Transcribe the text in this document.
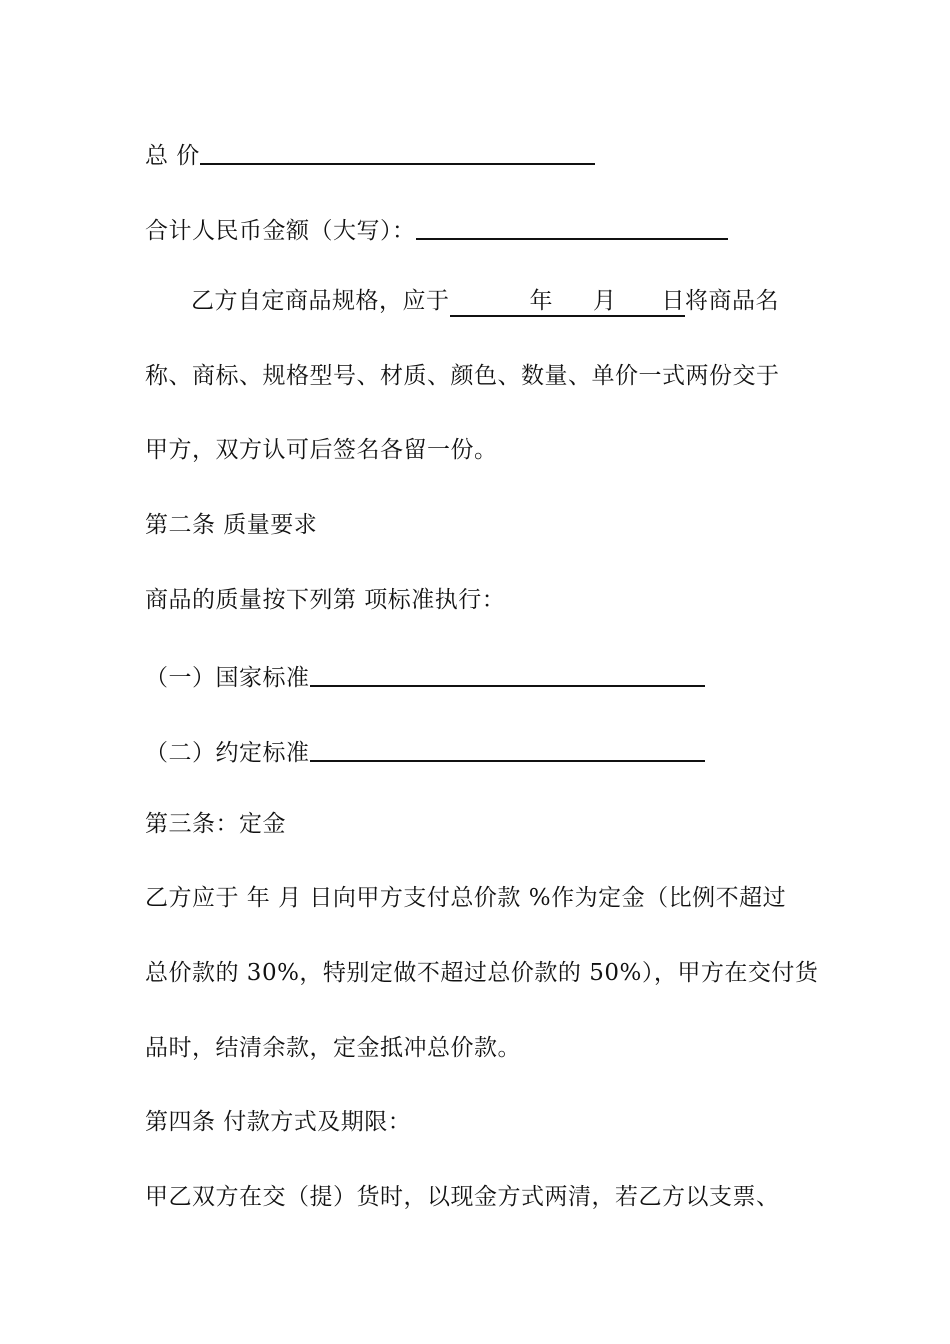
总 价
合计人民币金额（大写）：
乙方自定商品规格，应于	年 月 日将商品名
称、商标、规格型号、材质、颜色、数量、单价一式两份交于
甲方，双方认可后签名各留一份。
第二条 质量要求
商品的质量按下列第 项标准执行：
（一）国家标准
（二）约定标准
第三条：定金
乙方应于 年 月 日向甲方支付总价款 %作为定金（比例不超过
总价款的 30%，特别定做不超过总价款的 50%），甲方在交付货
品时，结清余款，定金抵冲总价款。
第四条 付款方式及期限：
甲乙双方在交（提）货时，以现金方式两清，若乙方以支票、
